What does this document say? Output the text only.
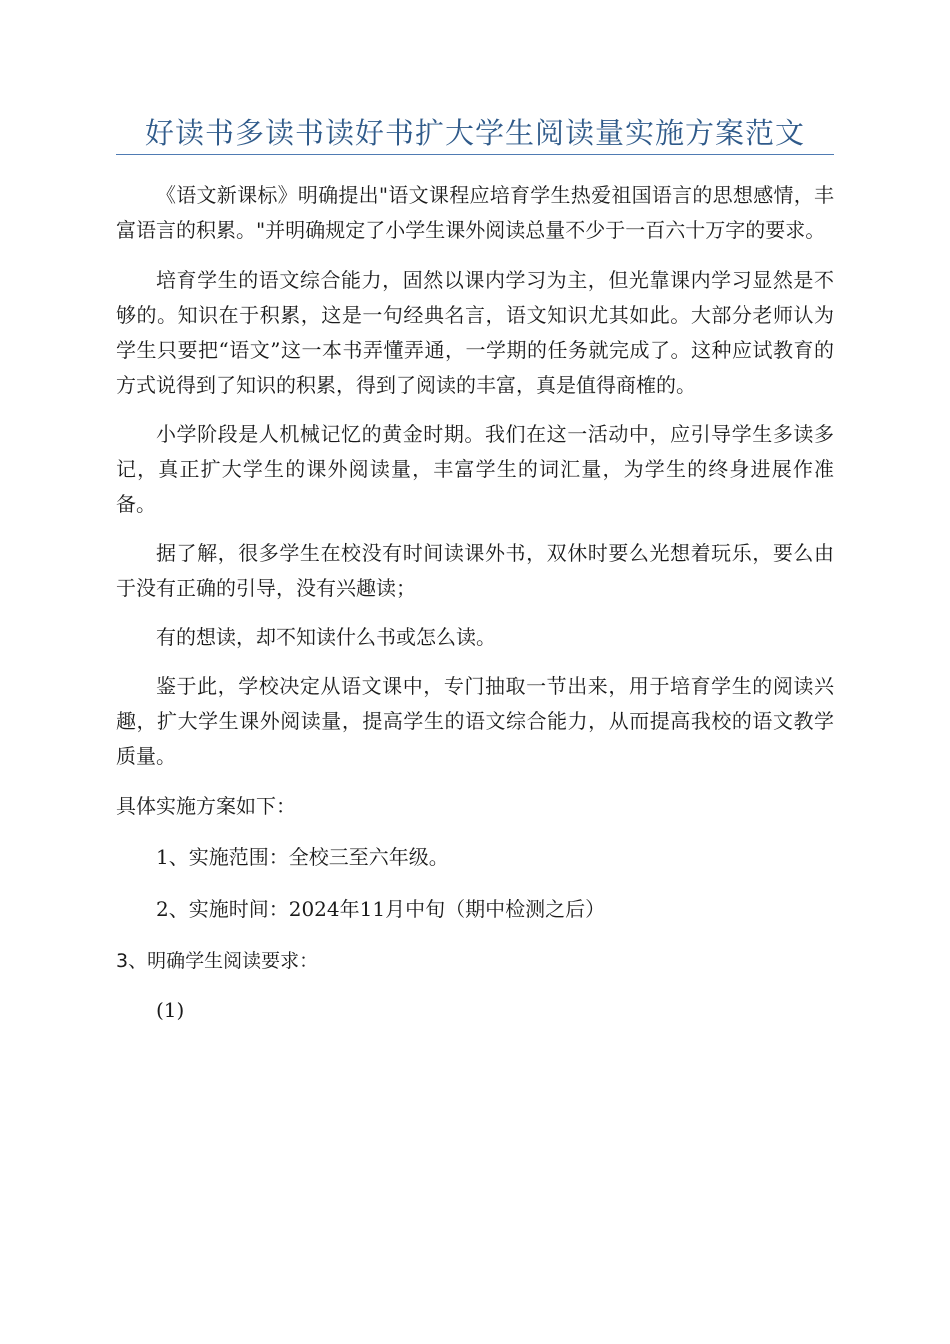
好读书多读书读好书扩大学生阅读量实施方案范文

《语文新课标》明确提出"语文课程应培育学生热爱祖国语言的思想感情，丰富语言的积累。"并明确规定了小学生课外阅读总量不少于一百六十万字的要求。

培育学生的语文综合能力，固然以课内学习为主，但光靠课内学习显然是不够的。知识在于积累，这是一句经典名言，语文知识尤其如此。大部分老师认为学生只要把“语文”这一本书弄懂弄通，一学期的任务就完成了。这种应试教育的方式说得到了知识的积累，得到了阅读的丰富，真是值得商榷的。

小学阶段是人机械记忆的黄金时期。我们在这一活动中，应引导学生多读多记，真正扩大学生的课外阅读量，丰富学生的词汇量，为学生的终身进展作准备。

据了解，很多学生在校没有时间读课外书，双休时要么光想着玩乐，要么由于没有正确的引导，没有兴趣读；

有的想读，却不知读什么书或怎么读。

鉴于此，学校决定从语文课中，专门抽取一节出来，用于培育学生的阅读兴趣，扩大学生课外阅读量，提高学生的语文综合能力，从而提高我校的语文教学质量。

具体实施方案如下：

1、实施范围：全校三至六年级。

2、实施时间：2024年11月中旬（期中检测之后）

3、明确学生阅读要求：

(1)
